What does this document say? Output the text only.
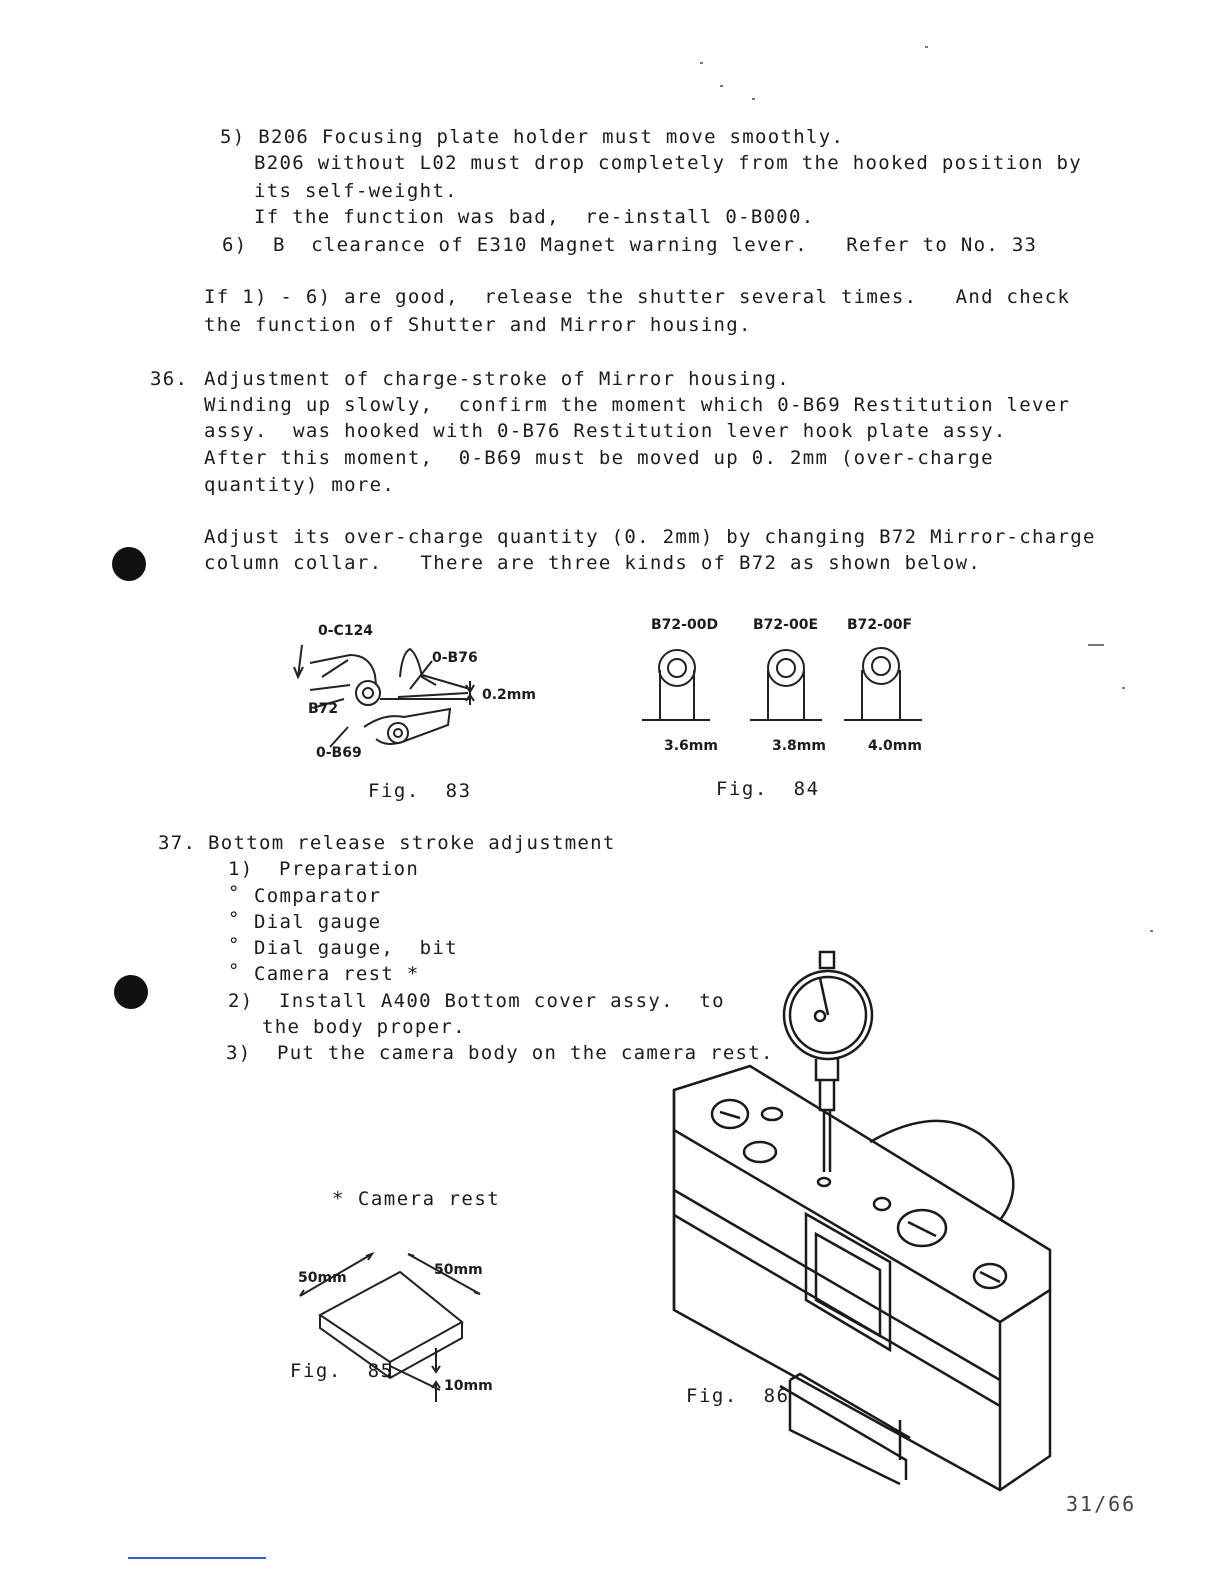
5) B206 Focusing plate holder must move smoothly.
B206 without L02 must drop completely from the hooked position by
its self-weight.
If the function was bad,  re-install 0-B000.
6)  B  clearance of E310 Magnet warning lever.   Refer to No. 33
If 1) - 6) are good,  release the shutter several times.   And check
the function of Shutter and Mirror housing.
36. Adjustment of charge-stroke of Mirror housing.
Winding up slowly,  confirm the moment which 0-B69 Restitution lever
assy.  was hooked with 0-B76 Restitution lever hook plate assy.
After this moment,  0-B69 must be moved up 0. 2mm (over-charge
quantity) more.
Adjust its over-charge quantity (0. 2mm) by changing B72 Mirror-charge
column collar.   There are three kinds of B72 as shown below.
0-C124
0-B76
0.2mm
B72
0-B69
Fig.  83
B72-00D B72-00E B72-00F
3.6mm	3.8mm	4.0mm
Fig.  84
37. Bottom release stroke adjustment
1)  Preparation
° Comparator
° Dial gauge
° Dial gauge,  bit
° Camera rest *
2)  Install A400 Bottom cover assy.  to
the body proper.
3)  Put the camera body on the camera rest.
* Camera rest
50mm	50mm
10mm
Fig.  85
Fig.  86
31/66
